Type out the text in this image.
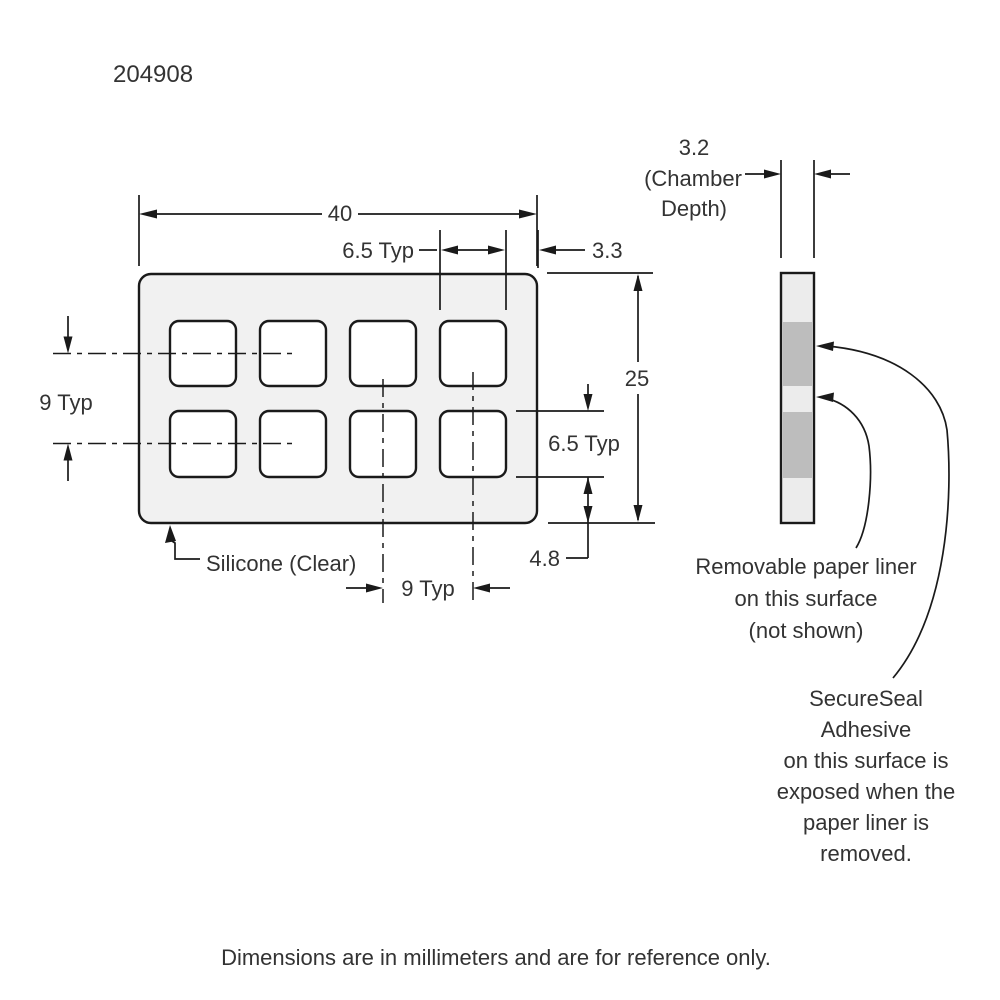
204908
40
6.5 Typ	3.3
25
6.5 Typ
4.8
9 Typ
9 Typ
Silicone (Clear)
3.2
(Chamber
Depth)
Removable paper liner
on this surface
(not shown)
SecureSeal
Adhesive
on this surface is
exposed when the
paper liner is
removed.
Dimensions are in millimeters and are for reference only.
